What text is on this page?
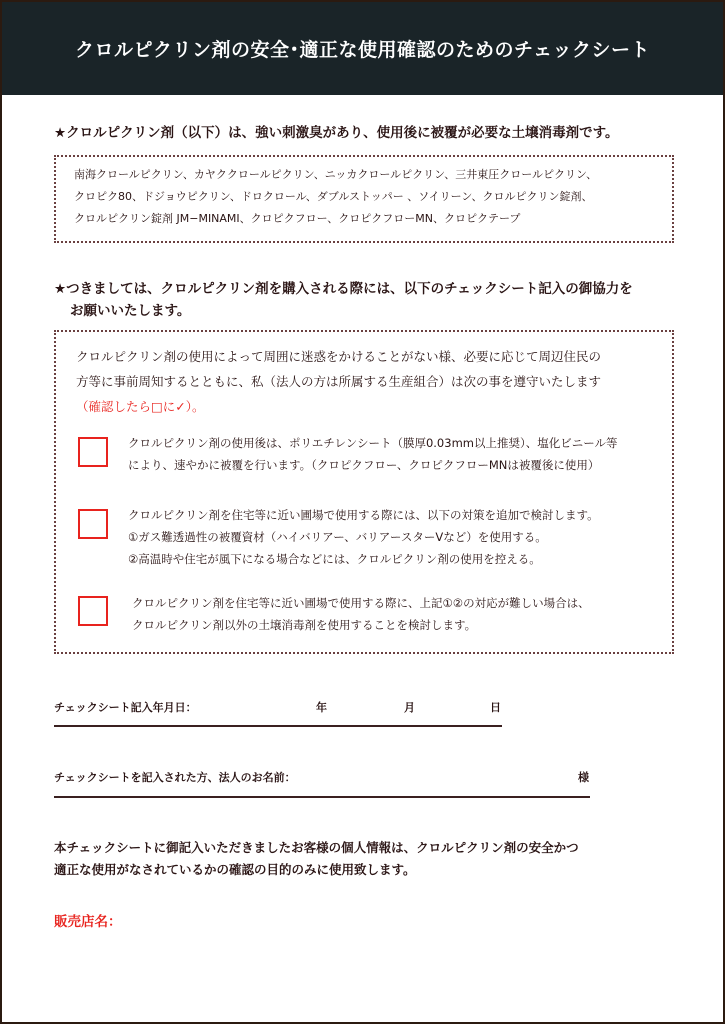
クロルピクリン剤の安全･適正な使用確認のためのチェックシート
★クロルピクリン剤（以下）は、強い刺激臭があり、使用後に被覆が必要な土壌消毒剤です。
南海クロールピクリン、カヤククロールピクリン、ニッカクロールピクリン、三井東圧クロールピクリン、
クロピク80、ドジョウピクリン、ドロクロール、ダブルストッパー 、ソイリーン、クロルピクリン錠剤、
クロルピクリン錠剤 JM−MINAMI、クロピクフロー、クロピクフローMN、クロピクテープ
★つきましては、クロルピクリン剤を購入される際には、以下のチェックシート記入の御協力を
お願いいたします。
クロルピクリン剤の使用によって周囲に迷惑をかけることがない様、必要に応じて周辺住民の
方等に事前周知するとともに、私（法人の方は所属する生産組合）は次の事を遵守いたします
（確認したら□に✓）。
クロルピクリン剤の使用後は、ポリエチレンシート（膜厚0.03mm以上推奨）、塩化ビニール等
により、速やかに被覆を行います。（クロピクフロー、クロピクフローMNは被覆後に使用）
クロルピクリン剤を住宅等に近い圃場で使用する際には、以下の対策を追加で検討します。
①ガス難透過性の被覆資材（ハイバリアー、バリアースターVなど）を使用する。
②高温時や住宅が風下になる場合などには、クロルピクリン剤の使用を控える。
クロルピクリン剤を住宅等に近い圃場で使用する際に、上記①②の対応が難しい場合は、
クロルピクリン剤以外の土壌消毒剤を使用することを検討します。
チェックシート記入年月日：	年	月	日
チェックシートを記入された方、法人のお名前：	様
本チェックシートに御記入いただきましたお客様の個人情報は、クロルピクリン剤の安全かつ
適正な使用がなされているかの確認の目的のみに使用致します。
販売店名：
